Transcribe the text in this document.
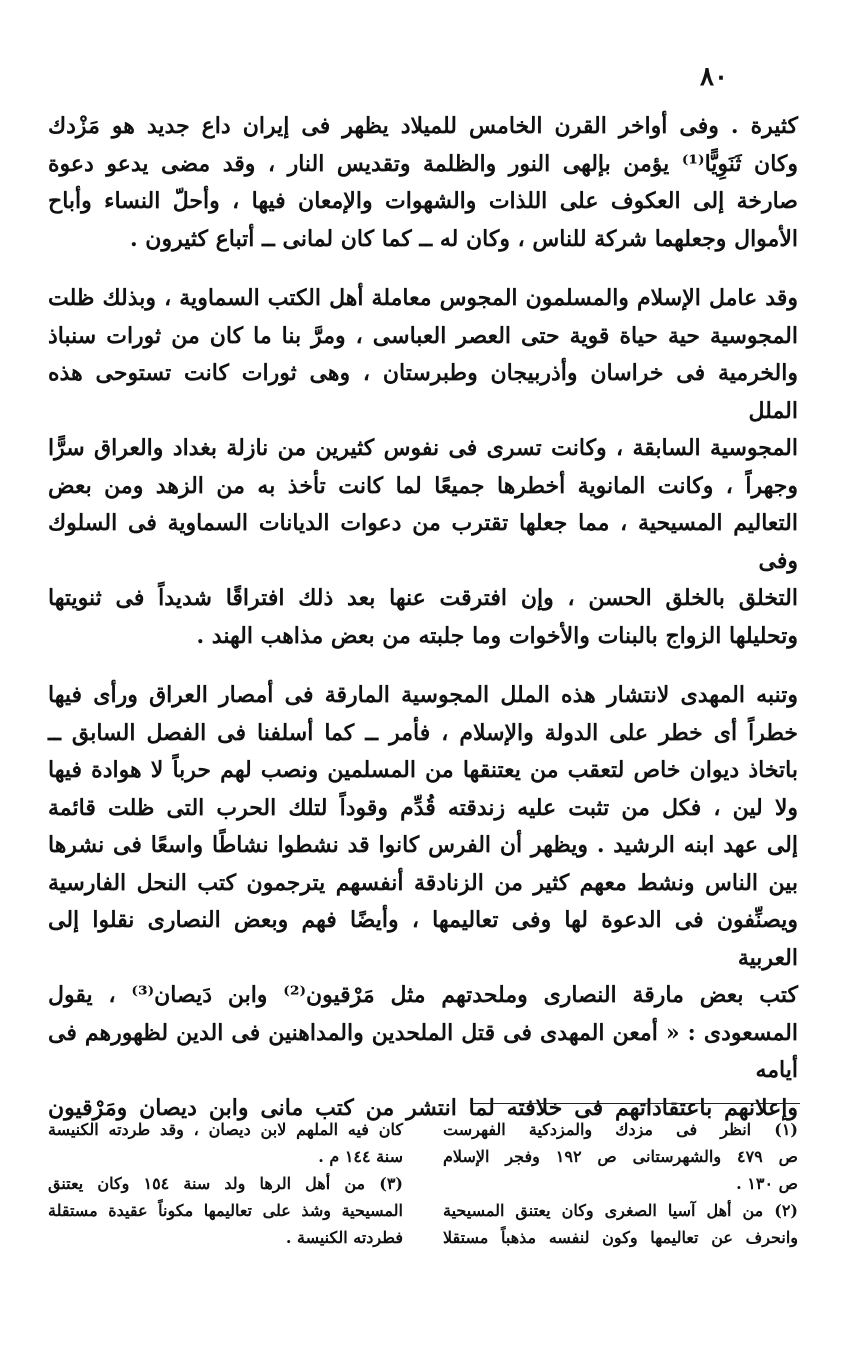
٨٠
كثيرة . وفى أواخر القرن الخامس للميلاد يظهر فى إيران داع جديد هو مَزْدك
وكان ثَنَوِيًّا⁽¹⁾ يؤمن بإلهى النور والظلمة وتقديس النار ، وقد مضى يدعو دعوة
صارخة إلى العكوف على اللذات والشهوات والإمعان فيها ، وأحلّ النساء وأباح
الأموال وجعلهما شركة للناس ، وكان له ــ كما كان لمانى ــ أتباع كثيرون .
وقد عامل الإسلام والمسلمون المجوس معاملة أهل الكتب السماوية ، وبذلك ظلت
المجوسية حية حياة قوية حتى العصر العباسى ، ومرَّ بنا ما كان من ثورات سنباذ
والخرمية فى خراسان وأذربيجان وطبرستان ، وهى ثورات كانت تستوحى هذه الملل
المجوسية السابقة ، وكانت تسرى فى نفوس كثيرين من نازلة بغداد والعراق سرًّا
وجهراً ، وكانت المانوية أخطرها جميعًا لما كانت تأخذ به من الزهد ومن بعض
التعاليم المسيحية ، مما جعلها تقترب من دعوات الديانات السماوية فى السلوك وفى
التخلق بالخلق الحسن ، وإن افترقت عنها بعد ذلك افتراقًا شديداً فى ثنويتها
وتحليلها الزواج بالبنات والأخوات وما جلبته من بعض مذاهب الهند .
وتنبه المهدى لانتشار هذه الملل المجوسية المارقة فى أمصار العراق ورأى فيها
خطراً أى خطر على الدولة والإسلام ، فأمر ــ كما أسلفنا فى الفصل السابق ــ
باتخاذ ديوان خاص لتعقب من يعتنقها من المسلمين ونصب لهم حرباً لا هوادة فيها
ولا لين ، فكل من تثبت عليه زندقته قُدِّم وقوداً لتلك الحرب التى ظلت قائمة
إلى عهد ابنه الرشيد . ويظهر أن الفرس كانوا قد نشطوا نشاطًا واسعًا فى نشرها
بين الناس ونشط معهم كثير من الزنادقة أنفسهم يترجمون كتب النحل الفارسية
ويصنِّفون فى الدعوة لها وفى تعاليمها ، وأيضًا فهم وبعض النصارى نقلوا إلى العربية
كتب بعض مارقة النصارى وملحدتهم مثل مَرْقيون⁽²⁾ وابن دَيصان⁽³⁾ ، يقول
المسعودى : « أمعن المهدى فى قتل الملحدين والمداهنين فى الدين لظهورهم فى أيامه
وإعلانهم باعتقاداتهم فى خلافته لما انتشر من كتب مانى وابن ديصان ومَرْقيون
(١) انظر فى مزدك والمزدكية الفهرست
ص ٤٧٩ والشهرستانى ص ١٩٢ وفجر الإسلام
ص ١٣٠ .
(٢) من أهل آسيا الصغرى وكان يعتنق المسيحية
وانحرف عن تعاليمها وكون لنفسه مذهباً مستقلا
كان فيه الملهم لابن ديصان ، وقد طردته الكنيسة
سنة ١٤٤ م .
(٣) من أهل الرها ولد سنة ١٥٤ وكان يعتنق
المسيحية وشذ على تعاليمها مكوناً عقيدة مستقلة
فطردته الكنيسة .
